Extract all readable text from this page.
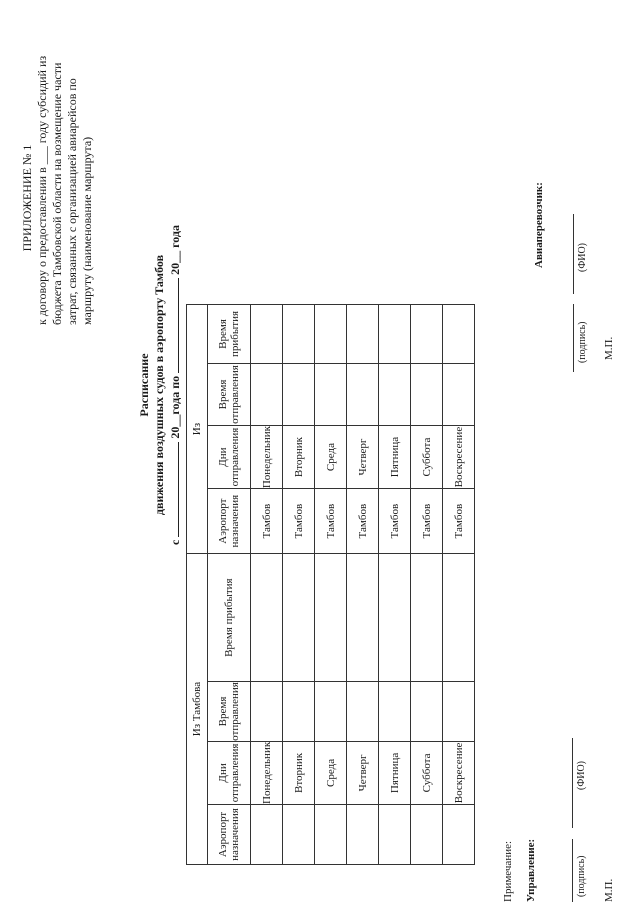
ПРИЛОЖЕНИЕ № 1 к договору о предоставлении в ___ году субсидий из бюджета Тамбовской области на возмещение части затрат, связанных с организацией авиарейсов по маршруту (наименование маршрута)
Расписание движения воздушных судов в аэропорту Тамбов
с  20__года по  20__ года
Из Тамбова				Из			
Аэропорт назначения	Дни отправления	Время отправления	Время прибытия	Аэропорт назначения	Дни отправления	Время отправления	Время прибытия
	Понедельник			Тамбов	Понедельник		
	Вторник			Тамбов	Вторник		
	Среда			Тамбов	Среда		
	Четверг			Тамбов	Четверг		
	Пятница			Тамбов	Пятница		
	Суббота			Тамбов	Суббота		
	Воскресение			Тамбов	Воскресение		
Примечание: Управление:
Авиаперевозчик:
(подпись)
(ФИО)
М.П.
(подпись)
(ФИО)
М.П.
